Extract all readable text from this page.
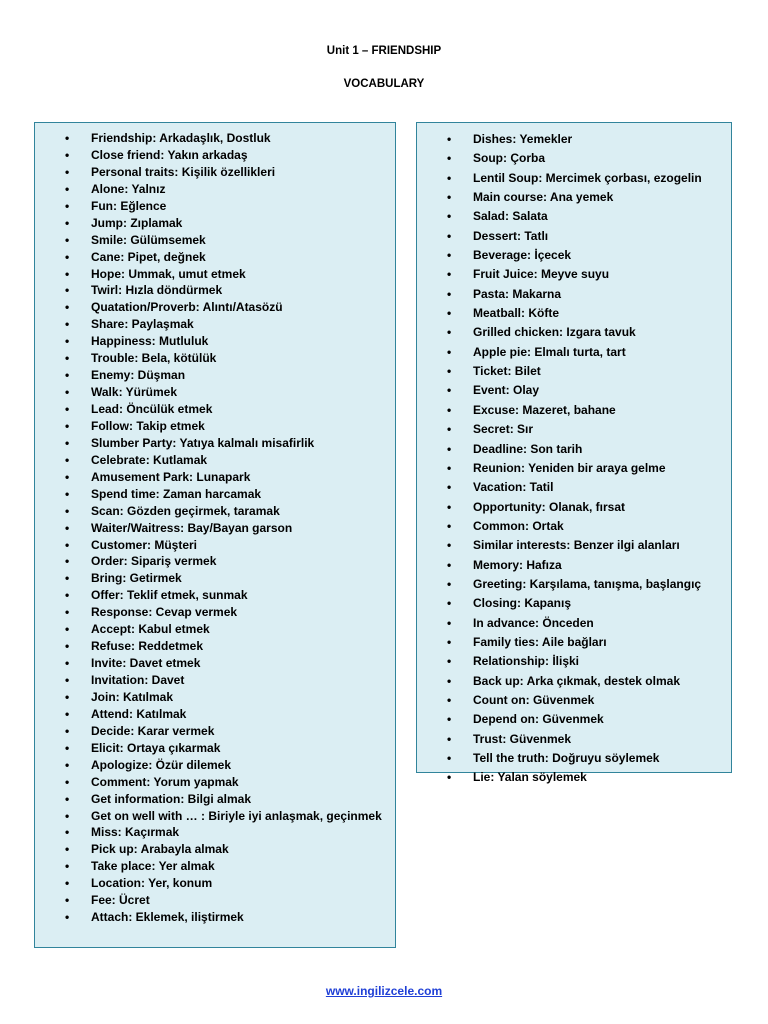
Unit 1 – FRIENDSHIP
VOCABULARY
• Friendship: Arkadaşlık, Dostluk
• Close friend: Yakın arkadaş
• Personal traits: Kişilik özellikleri
• Alone: Yalnız
• Fun: Eğlence
• Jump: Zıplamak
• Smile: Gülümsemek
• Cane: Pipet, değnek
• Hope: Ummak, umut etmek
• Twirl: Hızla döndürmek
• Quatation/Proverb: Alıntı/Atasözü
• Share: Paylaşmak
• Happiness: Mutluluk
• Trouble: Bela, kötülük
• Enemy: Düşman
• Walk: Yürümek
• Lead: Öncülük etmek
• Follow: Takip etmek
• Slumber Party: Yatıya kalmalı misafirlik
• Celebrate: Kutlamak
• Amusement Park: Lunapark
• Spend time: Zaman harcamak
• Scan: Gözden geçirmek, taramak
• Waiter/Waitress: Bay/Bayan garson
• Customer: Müşteri
• Order: Sipariş vermek
• Bring: Getirmek
• Offer: Teklif etmek, sunmak
• Response: Cevap vermek
• Accept: Kabul etmek
• Refuse: Reddetmek
• Invite: Davet etmek
• Invitation: Davet
• Join: Katılmak
• Attend: Katılmak
• Decide: Karar vermek
• Elicit: Ortaya çıkarmak
• Apologize: Özür dilemek
• Comment: Yorum yapmak
• Get information: Bilgi almak
• Get on well with … : Biriyle iyi anlaşmak, geçinmek
• Miss: Kaçırmak
• Pick up: Arabayla almak
• Take place: Yer almak
• Location: Yer, konum
• Fee: Ücret
• Attach: Eklemek, iliştirmek
• Dishes: Yemekler
• Soup: Çorba
• Lentil Soup: Mercimek çorbası, ezogelin
• Main course: Ana yemek
• Salad: Salata
• Dessert: Tatlı
• Beverage: İçecek
• Fruit Juice: Meyve suyu
• Pasta: Makarna
• Meatball: Köfte
• Grilled chicken: Izgara tavuk
• Apple pie: Elmalı turta, tart
• Ticket: Bilet
• Event: Olay
• Excuse: Mazeret, bahane
• Secret: Sır
• Deadline: Son tarih
• Reunion: Yeniden bir araya gelme
• Vacation: Tatil
• Opportunity: Olanak, fırsat
• Common: Ortak
• Similar interests: Benzer ilgi alanları
• Memory: Hafıza
• Greeting: Karşılama, tanışma, başlangıç
• Closing: Kapanış
• In advance: Önceden
• Family ties: Aile bağları
• Relationship: İlişki
• Back up: Arka çıkmak, destek olmak
• Count on: Güvenmek
• Depend on: Güvenmek
• Trust: Güvenmek
• Tell the truth: Doğruyu söylemek
• Lie: Yalan söylemek
www.ingilizcele.com
